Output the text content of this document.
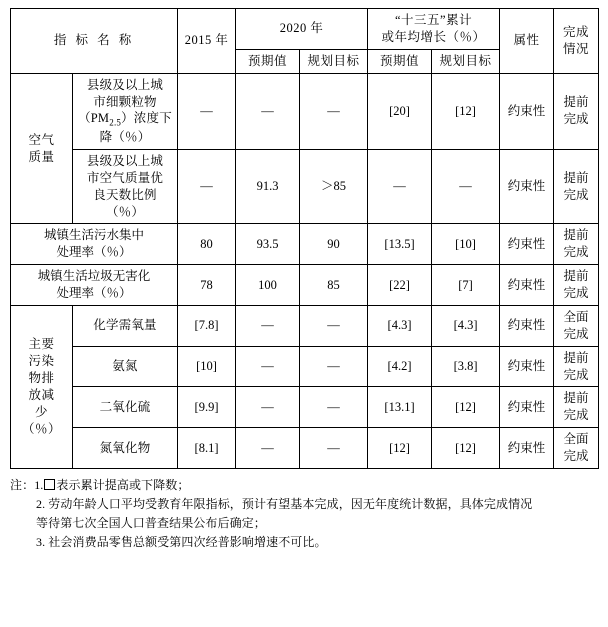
指 标 名 称		2015 年	2020 年		“十三五”累计
或年均增长（％）		属性	完成
情况
			预期值	规划目标	预期值	规划目标		
空气
质量	县级及以上城
市细颗粒物
$(PM_{2.5})$浓度下
降（％）	—	—	—	[20]	[12]	约束性	提前
完成
	县级及以上城
市空气质量优
良天数比例
（％）	—	91.3	＞85	—	—	约束性	提前
完成
城镇生活污水集中
处理率（％）		80	93.5	90	[13.5]	[10]	约束性	提前
完成
城镇生活垃圾无害化
处理率（％）		78	100	85	[22]	[7]	约束性	提前
完成
主要
污染
物排
放减
少
（％）	化学需氧量	[7.8]	—	—	[4.3]	[4.3]	约束性	全面
完成
	氨氮	[10]	—	—	[4.2]	[3.8]	约束性	提前
完成
	二氧化硫	[9.9]	—	—	[13.1]	[12]	约束性	提前
完成
	氮氧化物	[8.1]	—	—	[12]	[12]	约束性	全面
完成
注：1. 表示累计提高或下降数；
2. 劳动年龄人口平均受教育年限指标，预计有望基本完成，因无年度统计数据，具体完成情况
等待第七次全国人口普查结果公布后确定；
3. 社会消费品零售总额受第四次经普影响增速不可比。
